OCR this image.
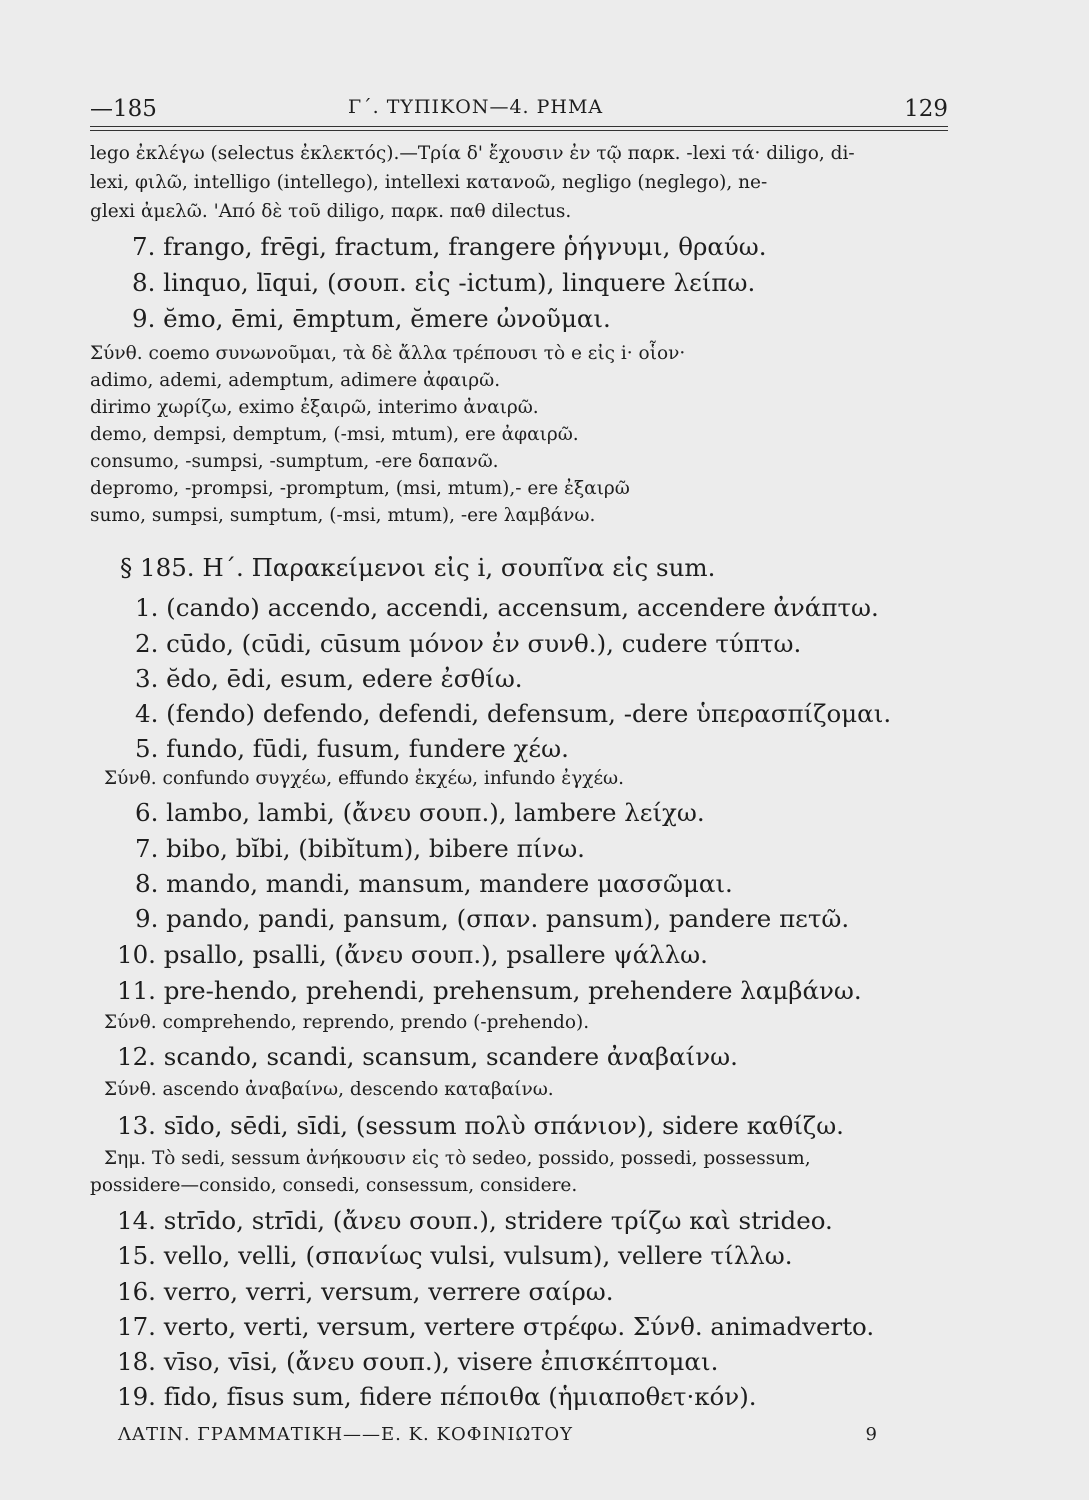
—185	Γ΄. ΤΥΠΙΚΟΝ—4. ΡΗΜΑ	129
lego ἐκλέγω (selectus ἐκλεκτός).—Τρία δ' ἔχουσιν ἐν τῷ παρκ. -lexi τά· diligo, di-
lexi, φιλῶ, intelligo (intellego), intellexi κατανοῶ, negligo (neglego), ne-
glexi ἀμελῶ. 'Από δὲ τοῦ diligo, παρκ. παθ dilectus.
7. frango, frēgi, fractum, frangere ῥήγνυμι, θραύω.
8. linquo, līqui, (σουπ. εἰς -ictum), linquere λείπω.
9. ĕmo, ēmi, ēmptum, ĕmere ὠνοῦμαι.
Σύνθ. coemo συνωνοῦμαι, τὰ δὲ ἄλλα τρέπουσι τὸ e εἰς i· οἷον·
adimo, ademi, ademptum, adimere ἀφαιρῶ.
dirimo χωρίζω, eximo ἐξαιρῶ, interimo ἀναιρῶ.
demo, dempsi, demptum, (-msi, mtum), ere ἀφαιρῶ.
consumo, -sumpsi, -sumptum, -ere δαπανῶ.
depromo, -prompsi, -promptum, (msi, mtum),- ere ἐξαιρῶ
sumo, sumpsi, sumptum, (-msi, mtum), -ere λαμβάνω.
§ 185. Η΄. Παρακείμενοι εἰς i, σουπῖνα εἰς sum.
1. (cando) accendo, accendi, accensum, accendere ἀνάπτω.
2. cūdo, (cūdi, cūsum μόνον ἐν συνθ.), cudere τύπτω.
3. ĕdo, ēdi, esum, edere ἐσθίω.
4. (fendo) defendo, defendi, defensum, -dere ὑπερασπίζομαι.
5. fundo, fūdi, fusum, fundere χέω.
Σύνθ. confundo συγχέω, effundo ἐκχέω, infundo ἐγχέω.
6. lambo, lambi, (ἄνευ σουπ.), lambere λείχω.
7. bibo, bĭbi, (bibĭtum), bibere πίνω.
8. mando, mandi, mansum, mandere μασσῶμαι.
9. pando, pandi, pansum, (σπαν. pansum), pandere πετῶ.
10. psallo, psalli, (ἄνευ σουπ.), psallere ψάλλω.
11. pre-hendo, prehendi, prehensum, prehendere λαμβάνω.
Σύνθ. comprehendo, reprendo, prendo (-prehendo).
12. scando, scandi, scansum, scandere ἀναβαίνω.
Σύνθ. ascendo ἀναβαίνω, descendo καταβαίνω.
13. sīdo, sēdi, sīdi, (sessum πολὺ σπάνιον), sidere καθίζω.
Σημ. Τὸ sedi, sessum ἀνήκουσιν εἰς τὸ sedeo, possido, possedi, possessum,
possidere—consido, consedi, consessum, considere.
14. strīdo, strīdi, (ἄνευ σουπ.), stridere τρίζω καὶ strideo.
15. vello, velli, (σπανίως vulsi, vulsum), vellere τίλλω.
16. verro, verri, versum, verrere σαίρω.
17. verto, verti, versum, vertere στρέφω. Σύνθ. animadverto.
18. vīso, vīsi, (ἄνευ σουπ.), visere ἐπισκέπτομαι.
19. fīdo, fīsus sum, fidere πέποιθα (ἡμιαποθετ·κόν).
ΛΑΤΙΝ. ΓΡΑΜΜΑΤΙΚΗ——Ε. Κ. ΚΟΦΙΝΙΩΤΟΥ	9
